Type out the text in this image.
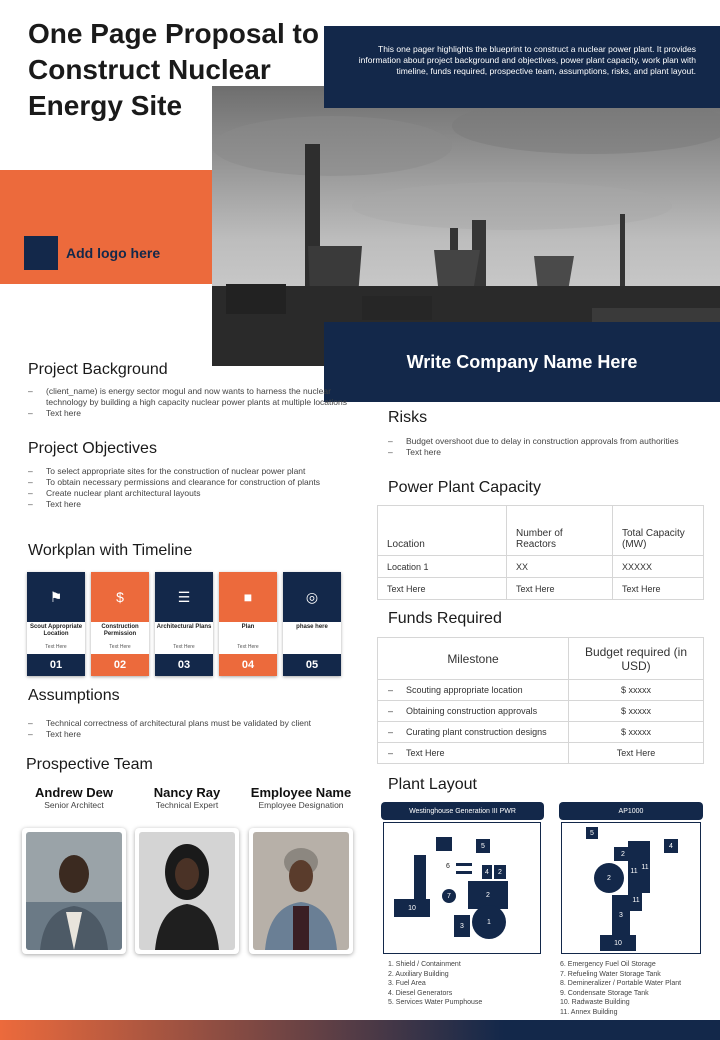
One Page Proposal to Construct Nuclear Energy Site
This one pager highlights the blueprint to construct a nuclear power plant. It provides information about project background and objectives, power plant capacity, work plan with timeline, funds required, prospective team, assumptions, risks, and plant layout.
Add logo here
Write Company Name Here
Project Background
– (client_name) is energy sector mogul and now wants to harness the nuclear technology by building a high capacity nuclear power plants at multiple locations
– Text here
Project Objectives
– To select appropriate sites for the construction of nuclear power plant
– To obtain necessary permissions and clearance for construction of plants
– Create nuclear plant architectural layouts
– Text here
Workplan with Timeline
⚑
Scout Appropriate Location
Text Here
01
$
Construction Permission
Text Here
02
☰
Architectural Plans
Text Here
03
■
Plan
Text Here
04
◎
phase here
05
Assumptions
– Technical correctness of architectural plans must be validated by client
– Text here
Prospective Team
Andrew Dew
Senior Architect
Nancy Ray
Technical Expert
Employee Name
Employee Designation
Risks
– Budget overshoot due to delay in construction approvals from authorities
– Text here
Power Plant Capacity
Location	Number of Reactors	Total Capacity (MW)
Location 1	XX	XXXXX
Text Here	Text Here	Text Here
Funds Required
Milestone	Budget required (in USD)
– Scouting appropriate location	$ xxxxx
– Obtaining construction approvals	$ xxxxx
– Curating plant construction designs	$ xxxxx
– Text Here	Text Here
Plant Layout
Westinghouse Generation III PWR	AP1000
5
10
4	2
2
7
3
1
6
5
2
11
11
4
2
11
3
10
1. Shield / Containment
2. Auxiliary Building
3. Fuel Area
4. Diesel Generators
5. Services Water Pumphouse
6. Emergency Fuel Oil Storage
7. Refueling Water Storage Tank
8. Demineralizer / Portable Water Plant
9. Condensate Storage Tank
10. Radwaste Building
11. Annex Building
